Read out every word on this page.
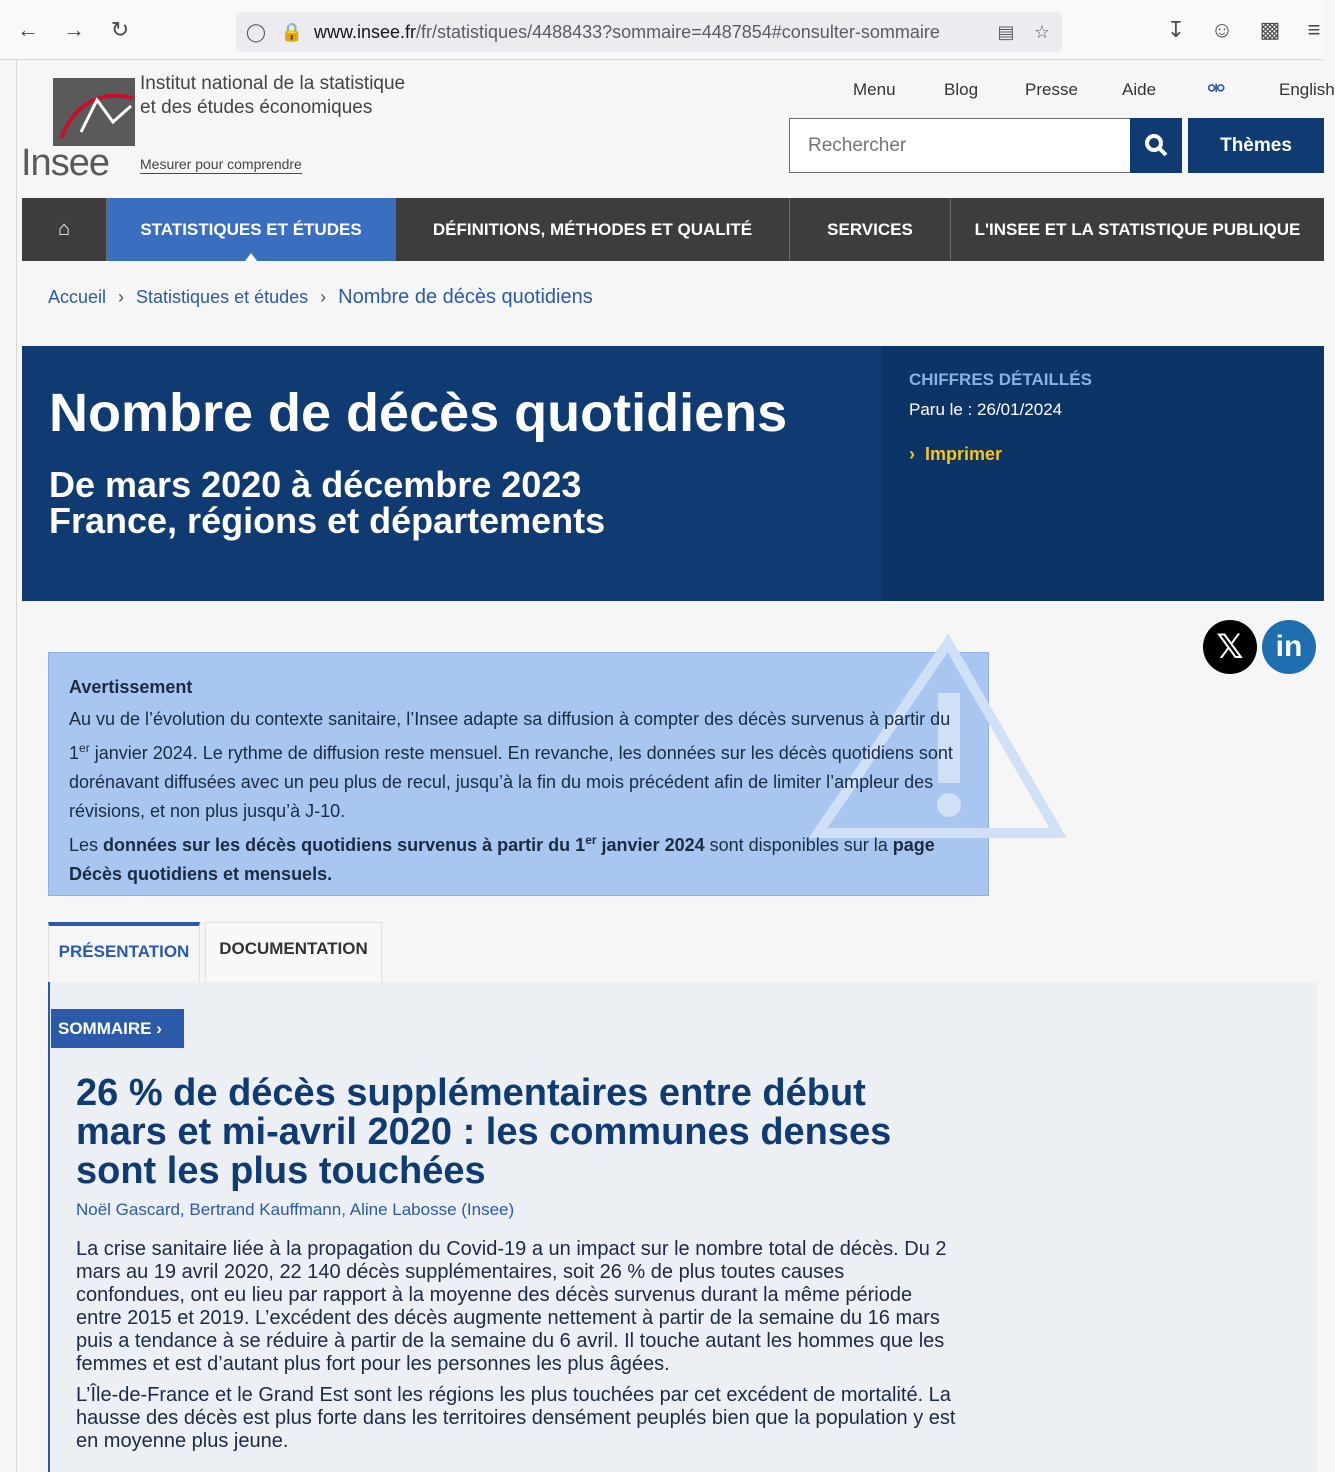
← → ↻	◯ 🔒 www.insee.fr/fr/statistiques/4488433?sommaire=4487854#consulter-sommaire	▤ ☆	↧ ☺ ▩	≡
Insee
Institut national de la statistique
et des études économiques
Mesurer pour comprendre
Menu	Blog	Presse	Aide ⚮	English
Rechercher
Thèmes
⌂	STATISTIQUES ET ÉTUDES	DÉFINITIONS, MÉTHODES ET QUALITÉ	SERVICES	L'INSEE ET LA STATISTIQUE PUBLIQUE
Accueil › Statistiques et études › Nombre de décès quotidiens
Nombre de décès quotidiens
De mars 2020 à décembre 2023
France, régions et départements
CHIFFRES DÉTAILLÉS
Paru le : 26/01/2024
›  Imprimer
𝕏	in
Avertissement
Au vu de l’évolution du contexte sanitaire, l’Insee adapte sa diffusion à compter des décès survenus à partir du 1er janvier 2024. Le rythme de diffusion reste mensuel. En revanche, les données sur les décès quotidiens sont dorénavant diffusées avec un peu plus de recul, jusqu’à la fin du mois précédent afin de limiter l’ampleur des révisions, et non plus jusqu’à J-10.
Les données sur les décès quotidiens survenus à partir du 1er janvier 2024 sont disponibles sur la page Décès quotidiens et mensuels.
PRÉSENTATION	DOCUMENTATION
SOMMAIRE ›
26 % de décès supplémentaires entre début mars et mi-avril 2020 : les communes denses sont les plus touchées
Noël Gascard, Bertrand Kauffmann, Aline Labosse (Insee)
La crise sanitaire liée à la propagation du Covid-19 a un impact sur le nombre total de décès. Du 2 mars au 19 avril 2020, 22 140 décès supplémentaires, soit 26 % de plus toutes causes confondues, ont eu lieu par rapport à la moyenne des décès survenus durant la même période entre 2015 et 2019. L’excédent des décès augmente nettement à partir de la semaine du 16 mars puis a tendance à se réduire à partir de la semaine du 6 avril. Il touche autant les hommes que les femmes et est d’autant plus fort pour les personnes les plus âgées.
L’Île-de-France et le Grand Est sont les régions les plus touchées par cet excédent de mortalité. La hausse des décès est plus forte dans les territoires densément peuplés bien que la population y est en moyenne plus jeune.
